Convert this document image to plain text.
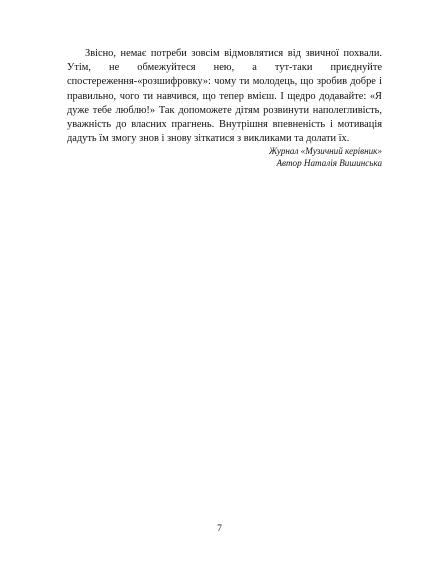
Звісно, немає потреби зовсім відмовлятися від звичної похвали. Утім, не обмежуйтеся нею, а тут-таки приєднуйте спостереження-«розшифровку»: чому ти молодець, що зробив добре і правильно, чого ти навчився, що тепер вмієш. І щедро додавайте: «Я дуже тебе люблю!» Так допоможете дітям розвинути наполегливість, уважність до власних прагнень. Внутрішня впевненість і мотивація дадуть їм змогу знов і знову зіткатися з викликами та долати їх.

Журнал «Музичний керівник»
Автор Наталія Вишинська

7
